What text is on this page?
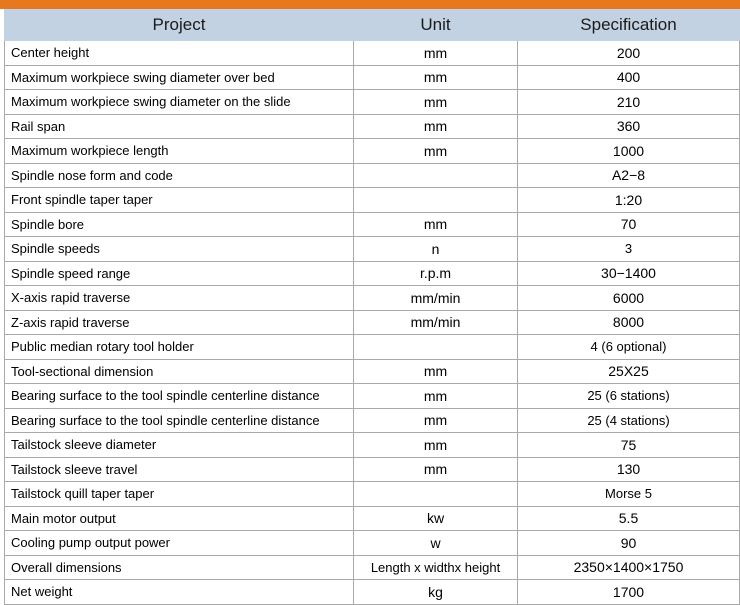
Project	Unit	Specification
Center height	mm	200
Maximum workpiece swing diameter over bed	mm	400
Maximum workpiece swing diameter on the slide	mm	210
Rail span	mm	360
Maximum workpiece length	mm	1000
Spindle nose form and code		A2−8
Front spindle taper taper		1:20
Spindle bore	mm	70
Spindle speeds	n	3
Spindle speed range	r.p.m	30−1400
X-axis rapid traverse	mm/min	6000
Z-axis rapid traverse	mm/min	8000
Public median rotary tool holder		4 (6 optional)
Tool-sectional dimension	mm	25X25
Bearing surface to the tool spindle centerline distance	mm	25 (6 stations)
Bearing surface to the tool spindle centerline distance	mm	25 (4 stations)
Tailstock sleeve diameter	mm	75
Tailstock sleeve travel	mm	130
Tailstock quill taper taper		Morse 5
Main motor output	kw	5.5
Cooling pump output power	w	90
Overall dimensions	Length x widthx height	2350×1400×1750
Net weight	kg	1700
